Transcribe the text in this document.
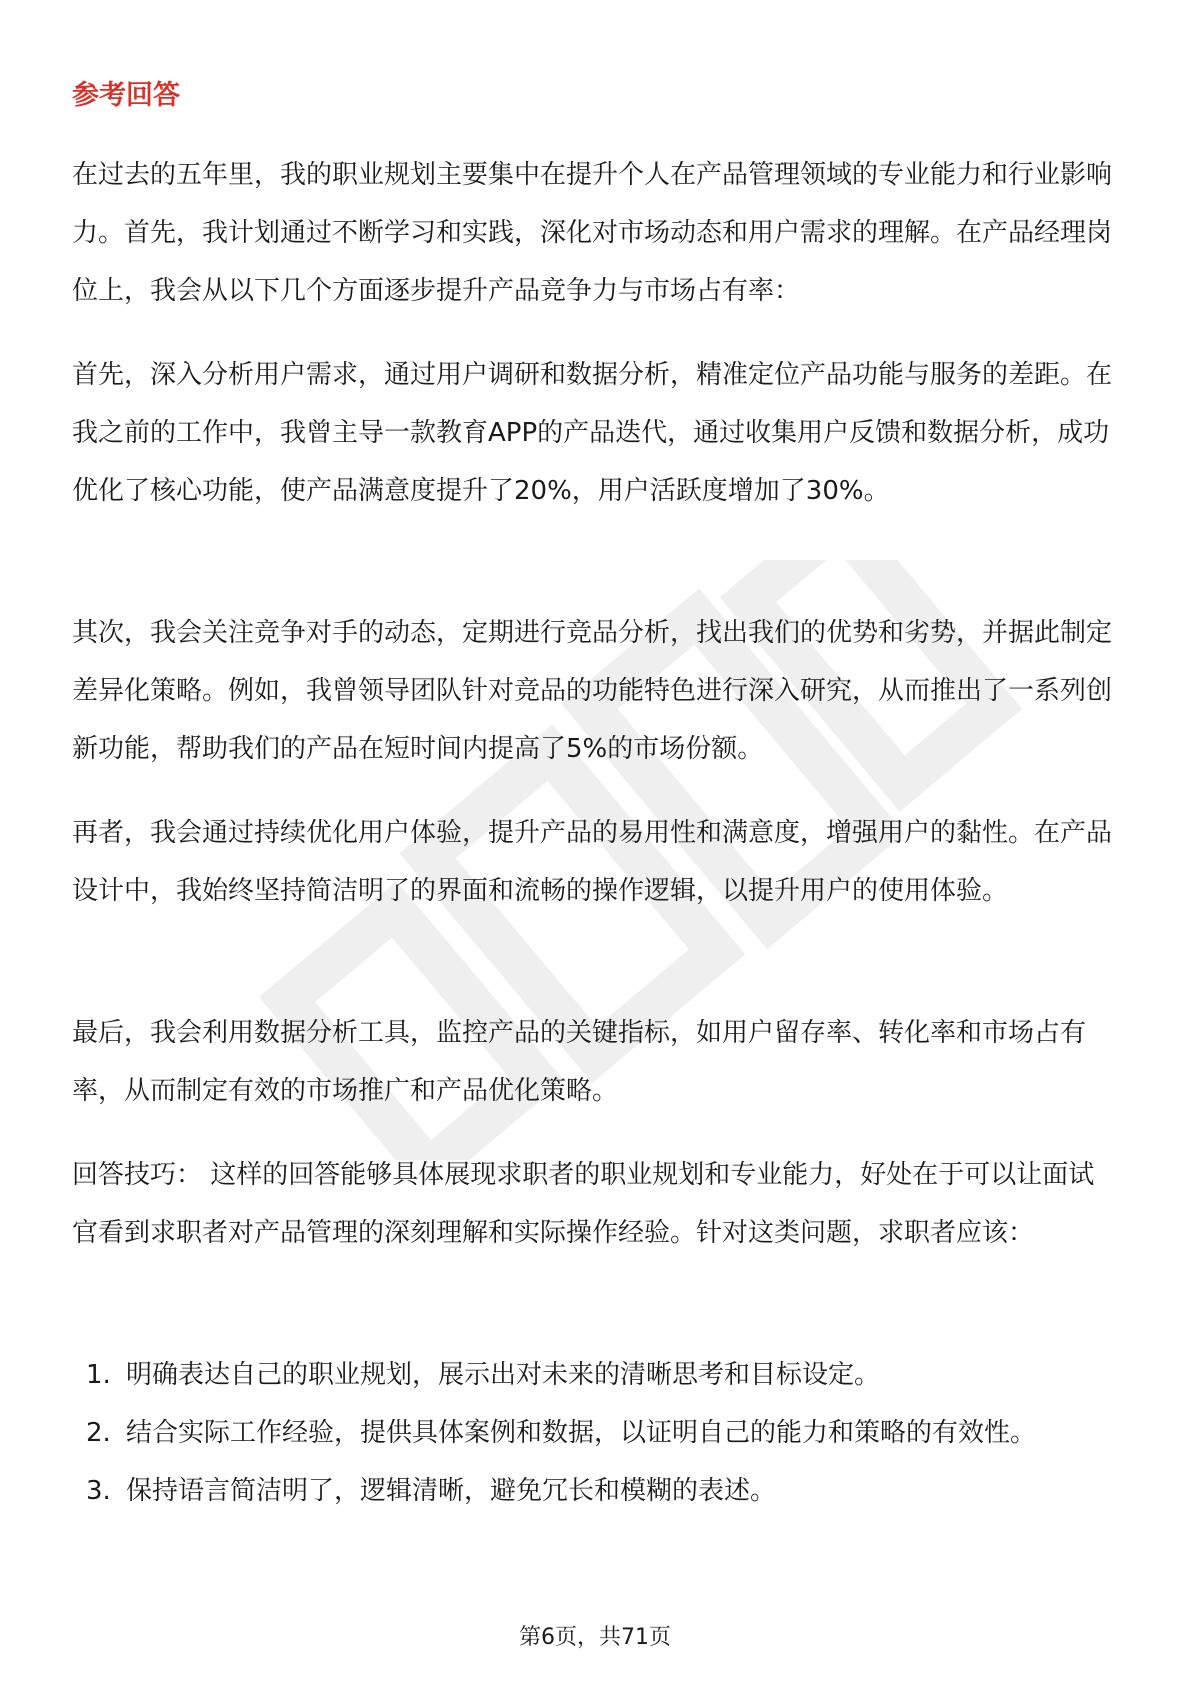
参考回答

在过去的五年里，我的职业规划主要集中在提升个人在产品管理领域的专业能力和行业影响力。首先，我计划通过不断学习和实践，深化对市场动态和用户需求的理解。在产品经理岗位上，我会从以下几个方面逐步提升产品竞争力与市场占有率：

首先，深入分析用户需求，通过用户调研和数据分析，精准定位产品功能与服务的差距。在我之前的工作中，我曾主导一款教育APP的产品迭代，通过收集用户反馈和数据分析，成功优化了核心功能，使产品满意度提升了20%，用户活跃度增加了30%。

其次，我会关注竞争对手的动态，定期进行竞品分析，找出我们的优势和劣势，并据此制定差异化策略。例如，我曾领导团队针对竞品的功能特色进行深入研究，从而推出了一系列创新功能，帮助我们的产品在短时间内提高了5%的市场份额。

再者，我会通过持续优化用户体验，提升产品的易用性和满意度，增强用户的黏性。在产品设计中，我始终坚持简洁明了的界面和流畅的操作逻辑，以提升用户的使用体验。

最后，我会利用数据分析工具，监控产品的关键指标，如用户留存率、转化率和市场占有率，从而制定有效的市场推广和产品优化策略。

回答技巧： 这样的回答能够具体展现求职者的职业规划和专业能力，好处在于可以让面试官看到求职者对产品管理的深刻理解和实际操作经验。针对这类问题，求职者应该：

1. 明确表达自己的职业规划，展示出对未来的清晰思考和目标设定。
2. 结合实际工作经验，提供具体案例和数据，以证明自己的能力和策略的有效性。
3. 保持语言简洁明了，逻辑清晰，避免冗长和模糊的表述。
第6页，共71页
